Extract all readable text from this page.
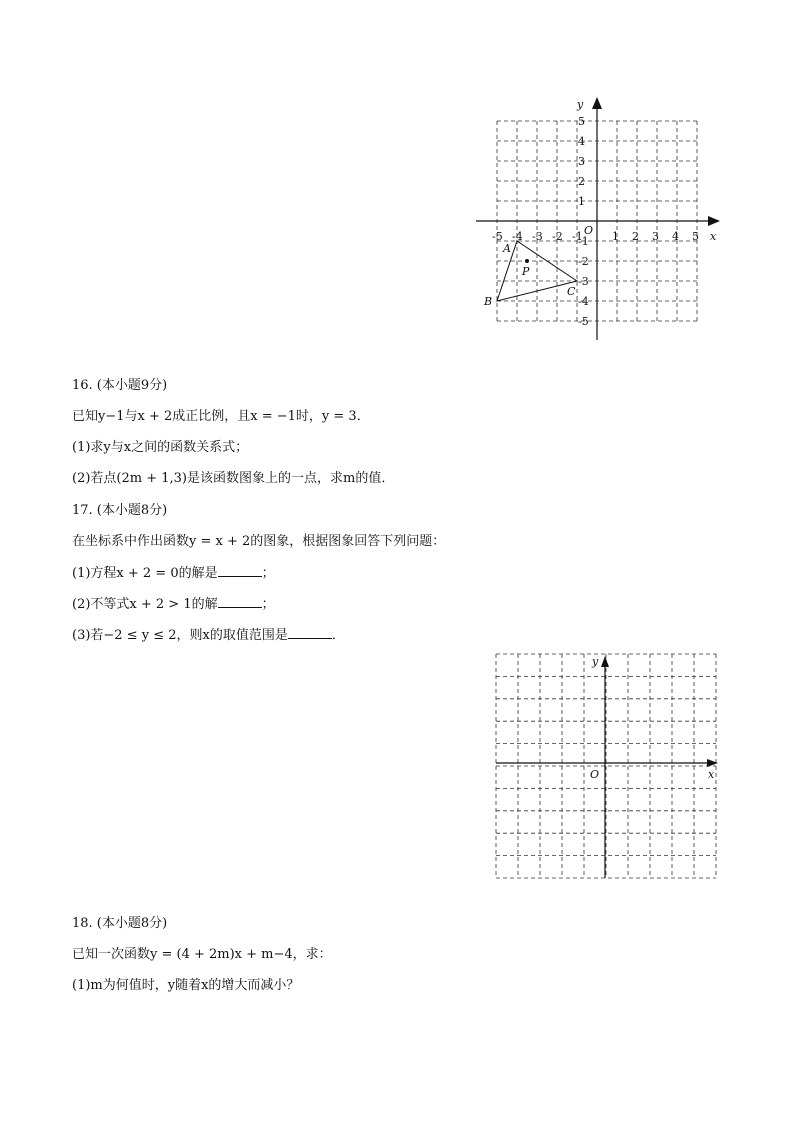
x
y
O
-5 -4 -3 -2 -1	1 2 3 4 5
5
4
3
2
1
-1
-2
-3
-4
-5
A
B
C
P
16. (本小题9分)
已知y−1与x + 2成正比例，且x = −1时，y = 3．
(1)求y与x之间的函数关系式；
(2)若点(2m + 1,3)是该函数图象上的一点，求m的值．
17. (本小题8分)
在坐标系中作出函数y = x + 2的图象，根据图象回答下列问题：
(1)方程x + 2 = 0的解是	；
(2)不等式x + 2 > 1的解	；
(3)若−2 ≤ y ≤ 2，则x的取值范围是	．
x
y
O
18. (本小题8分)
已知一次函数y = (4 + 2m)x + m−4，求：
(1)m为何值时，y随着x的增大而减小？
